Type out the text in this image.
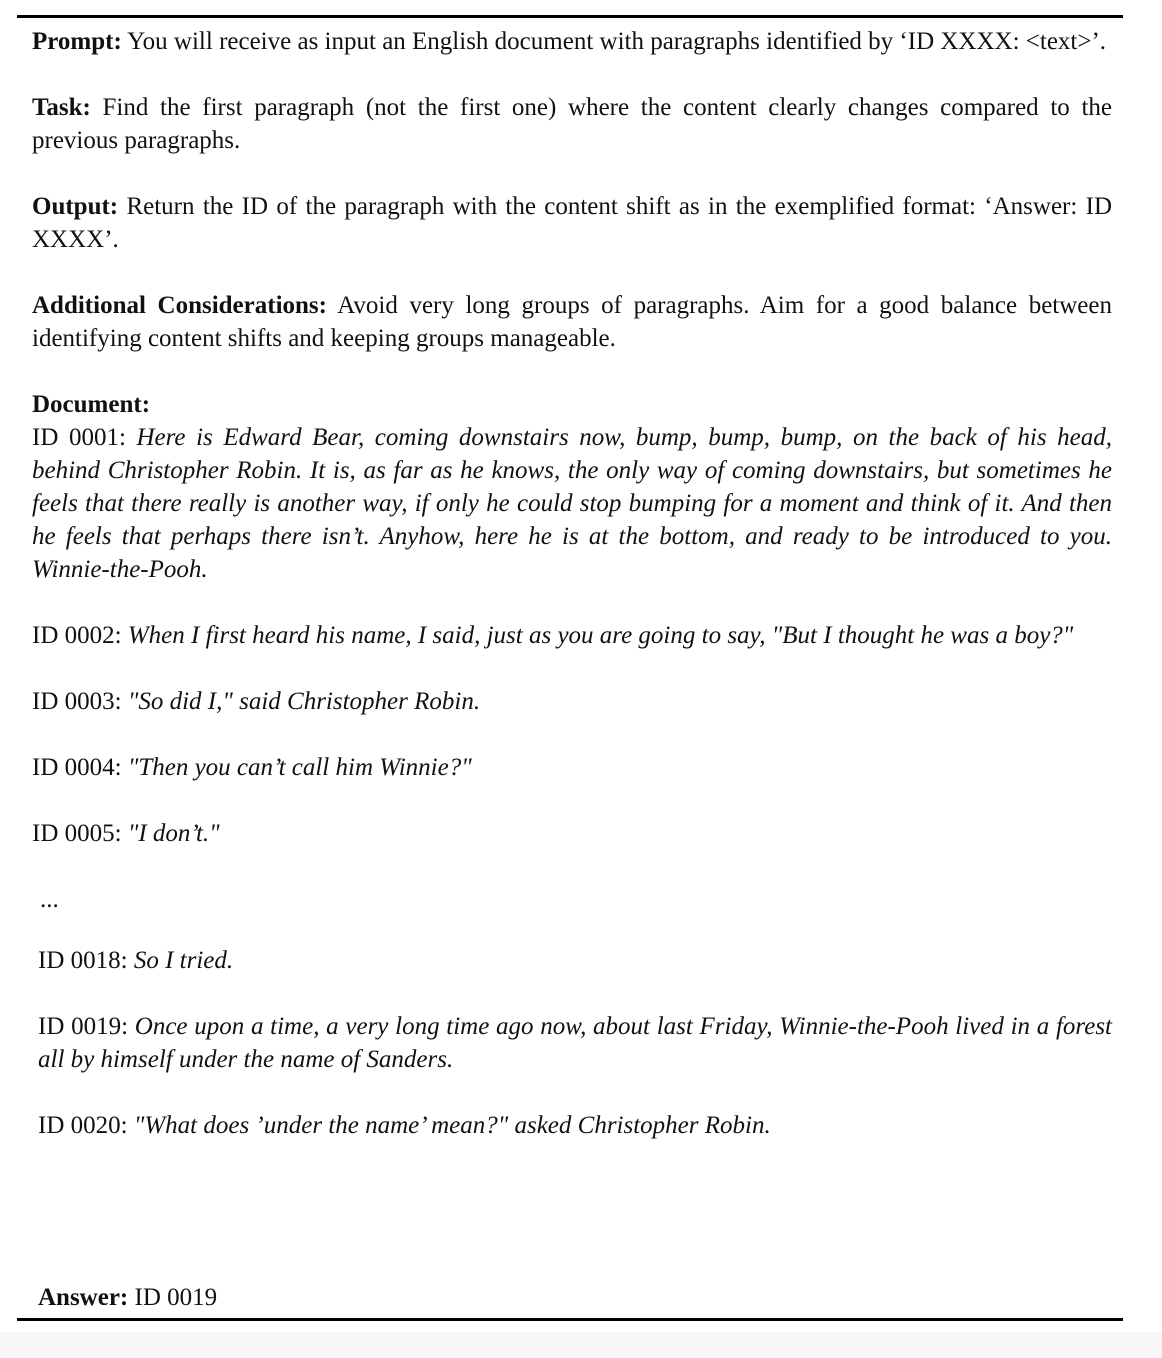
Prompt: You will receive as input an English document with paragraphs identified by ‘ID XXXX: <text>’.

Task: Find the first paragraph (not the first one) where the content clearly changes compared to the previous paragraphs.

Output: Return the ID of the paragraph with the content shift as in the exemplified format: ‘Answer: ID XXXX’.

Additional Considerations: Avoid very long groups of paragraphs. Aim for a good balance between identifying content shifts and keeping groups manageable.

Document:

ID 0001: Here is Edward Bear, coming downstairs now, bump, bump, bump, on the back of his head, behind Christopher Robin. It is, as far as he knows, the only way of coming downstairs, but sometimes he feels that there really is another way, if only he could stop bumping for a moment and think of it. And then he feels that perhaps there isn’t. Anyhow, here he is at the bottom, and ready to be introduced to you. Winnie-the-Pooh.

ID 0002: When I first heard his name, I said, just as you are going to say, "But I thought he was a boy?"

ID 0003: "So did I," said Christopher Robin.

ID 0004: "Then you can’t call him Winnie?"

ID 0005: "I don’t."

...

ID 0018: So I tried.

ID 0019: Once upon a time, a very long time ago now, about last Friday, Winnie-the-Pooh lived in a forest all by himself under the name of Sanders.

ID 0020: "What does ’under the name’ mean?" asked Christopher Robin.

Answer: ID 0019
